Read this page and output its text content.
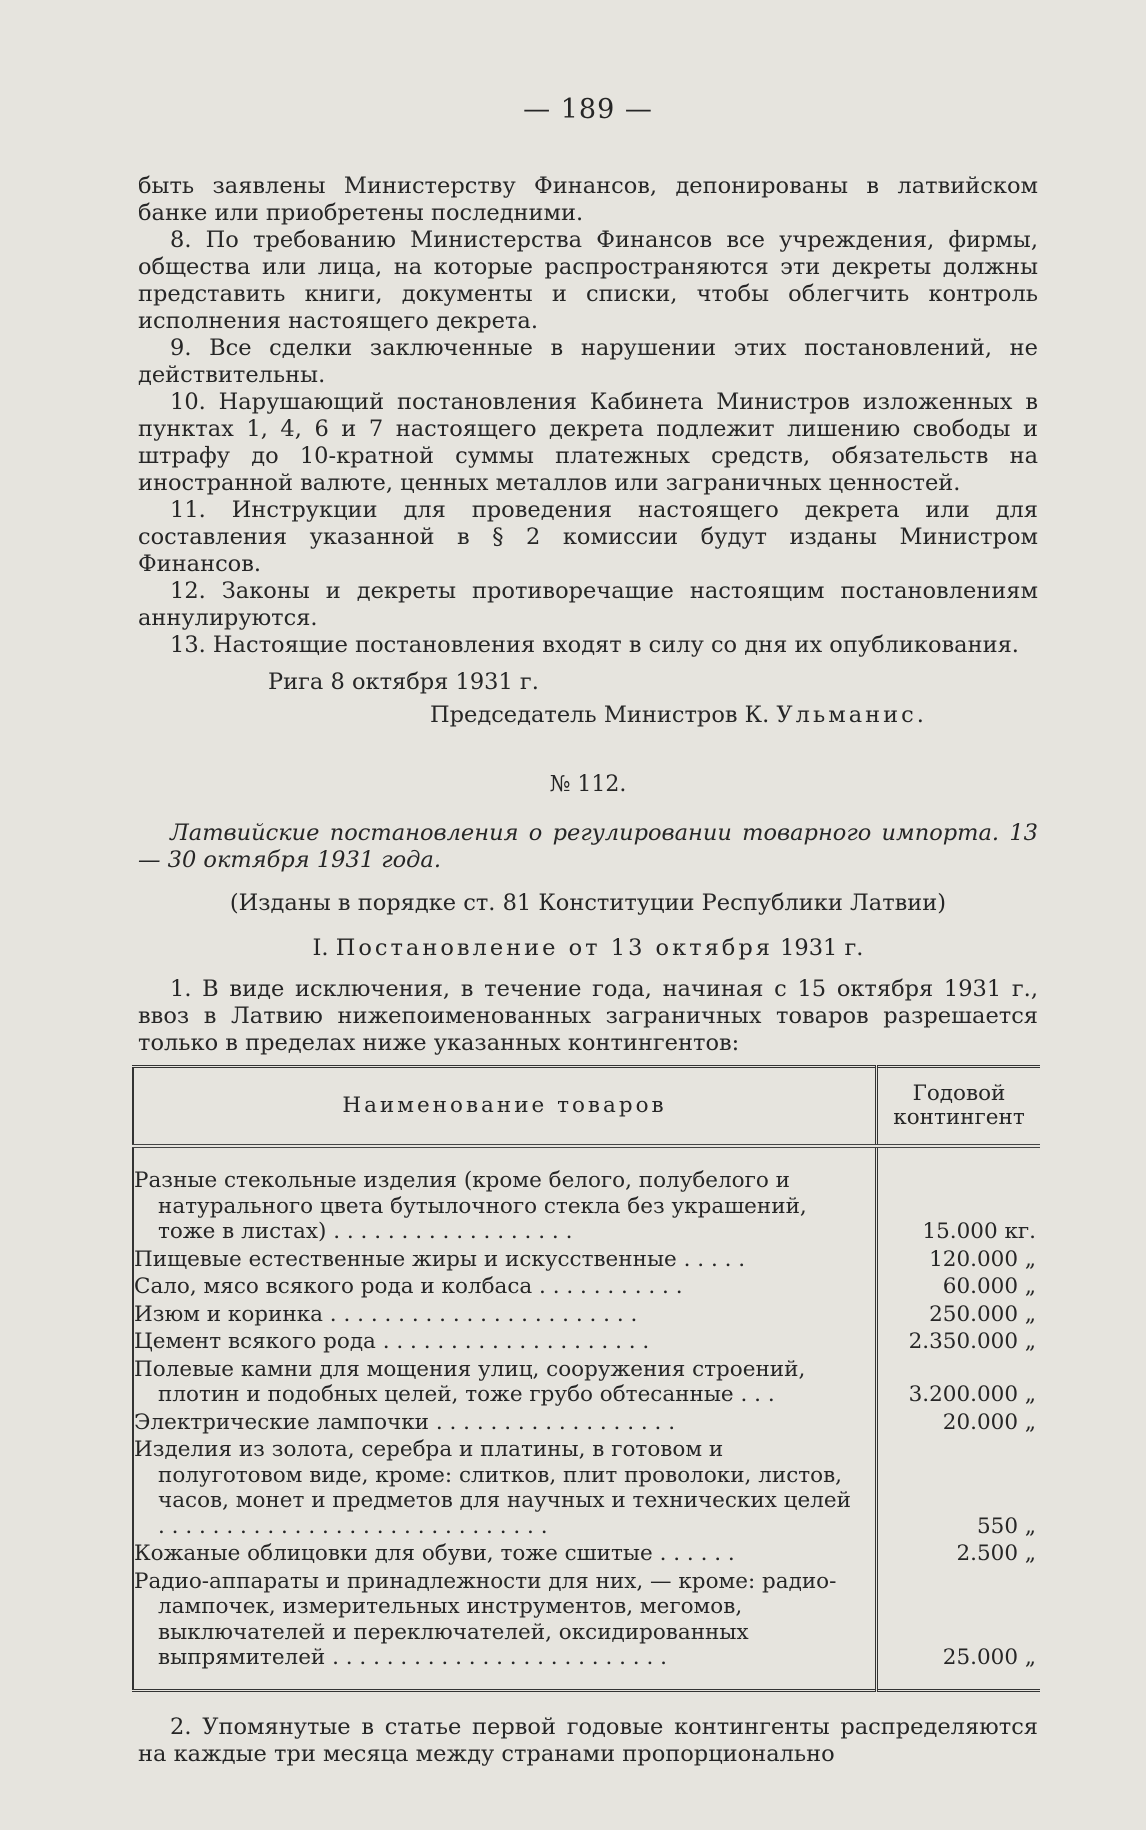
— 189 —

быть заявлены Министерству Финансов, депонированы в латвийском банке или приобретены последними.

8. По требованию Министерства Финансов все учреждения, фирмы, общества или лица, на которые распространяются эти декреты должны представить книги, документы и списки, чтобы облегчить контроль исполнения настоящего декрета.

9. Все сделки заключенные в нарушении этих постановлений, не действительны.

10. Нарушающий постановления Кабинета Министров изложенных в пунктах 1, 4, 6 и 7 настоящего декрета подлежит лишению свободы и штрафу до 10-кратной суммы платежных средств, обязательств на иностранной валюте, ценных металлов или заграничных ценностей.

11. Инструкции для проведения настоящего декрета или для составления указанной в § 2 комиссии будут изданы Министром Финансов.

12. Законы и декреты противоречащие настоящим постановлениям аннулируются.

13. Настоящие постановления входят в силу со дня их опубликования.

Рига 8 октября 1931 г.
Председатель Министров К. Ульманис.
№ 112.

Латвийские постановления о регулировании товарного импорта. 13 — 30 октября 1931 года.

(Изданы в порядке ст. 81 Конституции Республики Латвии)
I. Постановление от 13 октября 1931 г.

1. В виде исключения, в течение года, начиная с 15 октября 1931 г., ввоз в Латвию нижепоименованных заграничных товаров разрешается только в пределах ниже указанных контингентов:

Наименование товаров	Годовой контингент
Разные стекольные изделия (кроме белого, полубелого и натурального цвета бутылочного стекла без украшений, тоже в листах) . . . . . . . . . . . . . . . . . .	15.000 кг.
Пищевые естественные жиры и искусственные . . . . .	120.000 „
Сало, мясо всякого рода и колбаса . . . . . . . . . . .	60.000 „
Изюм и коринка . . . . . . . . . . . . . . . . . . . . . . .	250.000 „
Цемент всякого рода . . . . . . . . . . . . . . . . . . . .	2.350.000 „
Полевые камни для мощения улиц, сооружения строений, плотин и подобных целей, тоже грубо обтесанные . . .	3.200.000 „
Электрические лампочки . . . . . . . . . . . . . . . . . .	20.000 „
Изделия из золота, серебра и платины, в готовом и полуготовом виде, кроме: слитков, плит проволоки, листов, часов, монет и предметов для научных и технических целей . . . . . . . . . . . . . . . . . . . . . . . . . . . . .	550 „
Кожаные облицовки для обуви, тоже сшитые . . . . . .	2.500 „
Радио-аппараты и принадлежности для них, — кроме: радио-лампочек, измерительных инструментов, мегомов, выключателей и переключателей, оксидированных выпрямителей . . . . . . . . . . . . . . . . . . . . . . . . .	25.000 „

2. Упомянутые в статье первой годовые контингенты распределяются на каждые три месяца между странами пропорционально
